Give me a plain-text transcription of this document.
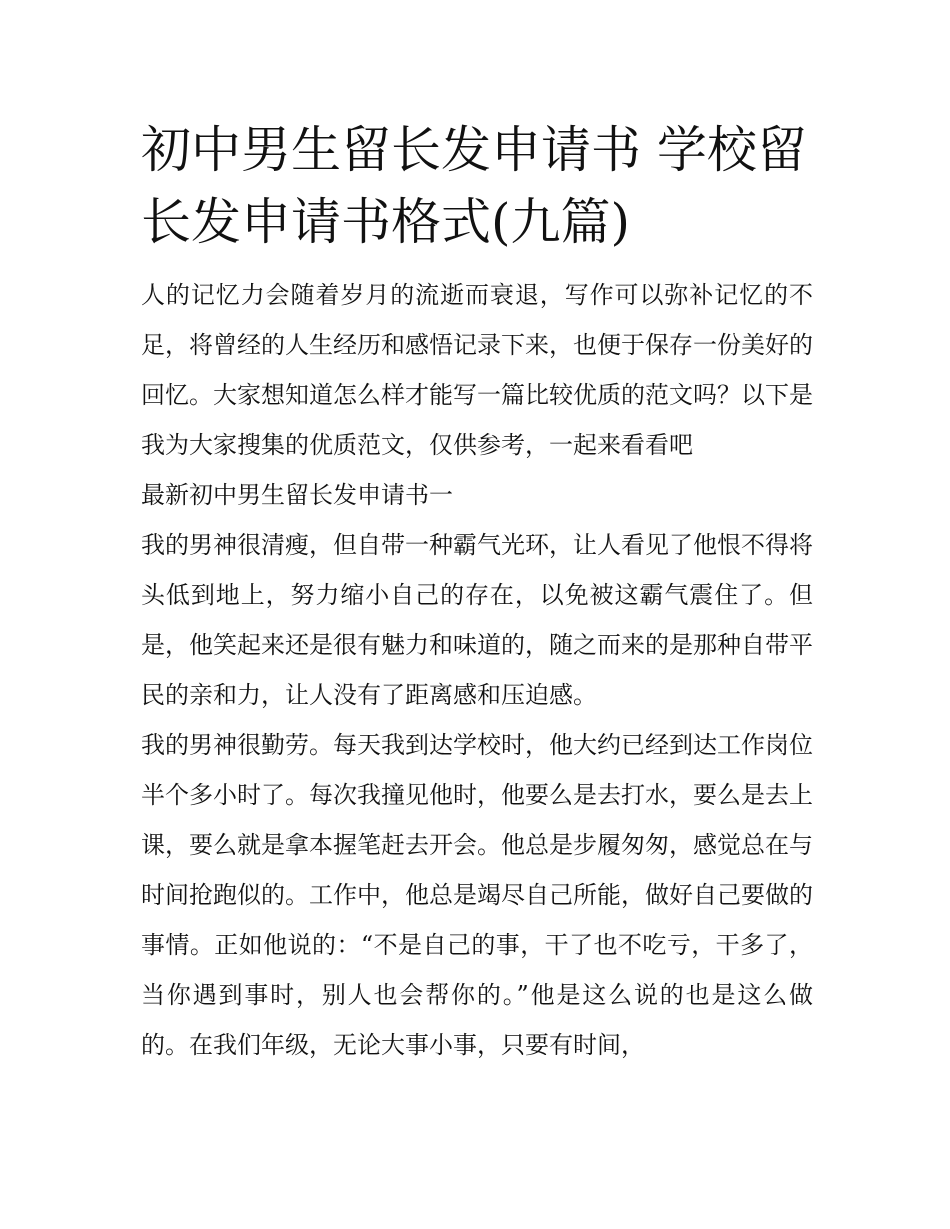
初中男生留长发申请书 学校留长发申请书格式(九篇)

人的记忆力会随着岁月的流逝而衰退，写作可以弥补记忆的不足，将曾经的人生经历和感悟记录下来，也便于保存一份美好的回忆。大家想知道怎么样才能写一篇比较优质的范文吗？以下是我为大家搜集的优质范文，仅供参考，一起来看看吧

最新初中男生留长发申请书一

我的男神很清瘦，但自带一种霸气光环，让人看见了他恨不得将头低到地上，努力缩小自己的存在，以免被这霸气震住了。但是，他笑起来还是很有魅力和味道的，随之而来的是那种自带平民的亲和力，让人没有了距离感和压迫感。

我的男神很勤劳。每天我到达学校时，他大约已经到达工作岗位半个多小时了。每次我撞见他时，他要么是去打水，要么是去上课，要么就是拿本握笔赶去开会。他总是步履匆匆，感觉总在与时间抢跑似的。工作中，他总是竭尽自己所能，做好自己要做的事情。正如他说的：“不是自己的事，干了也不吃亏，干多了，当你遇到事时，别人也会帮你的。”他是这么说的也是这么做的。在我们年级，无论大事小事，只要有时间，
